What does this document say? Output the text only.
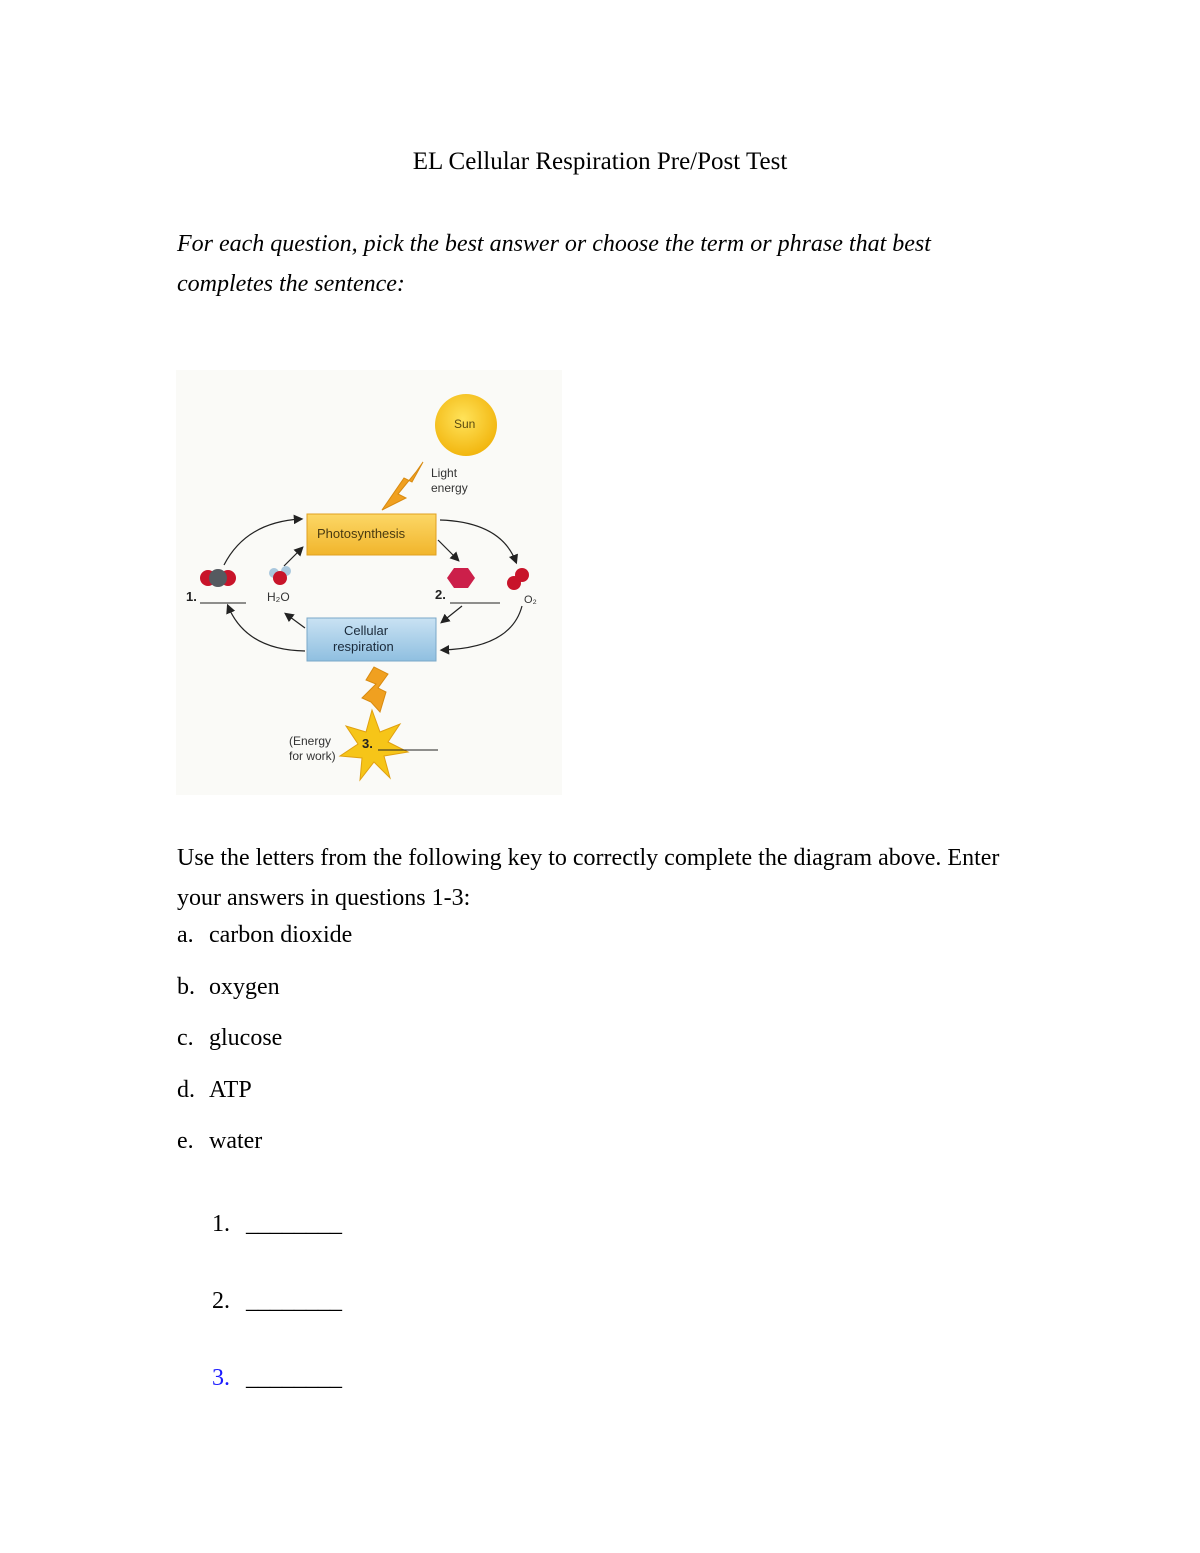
EL Cellular Respiration Pre/Post Test
For each question, pick the best answer or choose the term or phrase that best completes the sentence:
Sun
Light
energy
Photosynthesis
Cellular
respiration
H₂O	O₂
1.	2.
3.
(Energy
for work)
Use the letters from the following key to correctly complete the diagram above. Enter your answers in questions 1-3:
a. carbon dioxide
b. oxygen
c. glucose
d. ATP
e. water
1. ________
2. ________
3. ________
